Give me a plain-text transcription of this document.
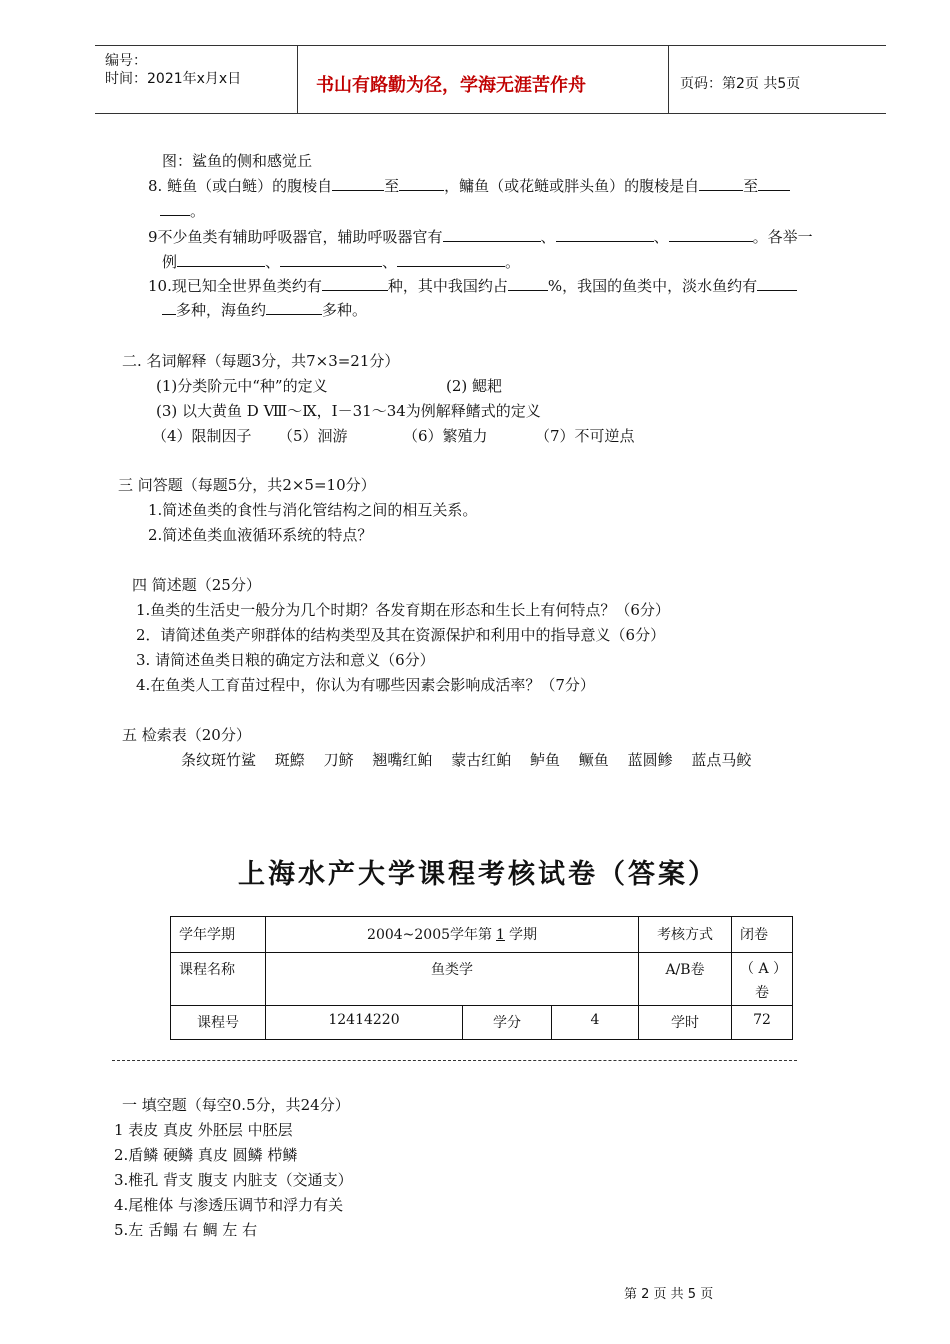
编号：
时间：2021年x月x日	书山有路勤为径，学海无涯苦作舟	页码：第2页 共5页
图：鲨鱼的侧和感觉丘
8. 鲢鱼（或白鲢）的腹棱自	至	，鳙鱼（或花鲢或胖头鱼）的腹棱是自	至
。
9不少鱼类有辅助呼吸器官，辅助呼吸器官有	、	、	。各举一
例	、	、	。
10.现已知全世界鱼类约有	种，其中我国约占	%，我国的鱼类中，淡水鱼约有
多种，海鱼约	多种。
二. 名词解释（每题3分，共7×3=21分）
(1)分类阶元中“种”的定义	(2) 鳃耙
(3) 以大黄鱼 D Ⅷ～Ⅸ，Ⅰ－31～34为例解释鳍式的定义
（4）限制因子 （5）洄游	（6）繁殖力	（7）不可逆点
三 问答题（每题5分，共2×5=10分）
1.简述鱼类的食性与消化管结构之间的相互关系。
2.简述鱼类血液循环系统的特点？
四 简述题（25分）
1.鱼类的生活史一般分为几个时期？各发育期在形态和生长上有何特点？（6分）
2．请简述鱼类产卵群体的结构类型及其在资源保护和利用中的指导意义（6分）
3. 请简述鱼类日粮的确定方法和意义（6分）
4.在鱼类人工育苗过程中，你认为有哪些因素会影响成活率？（7分）
五 检索表（20分）
条纹斑竹鲨 斑鰶 刀鲚 翘嘴红鲌 蒙古红鲌 鲈鱼 鳜鱼 蓝圆鲹 蓝点马鲛
上海水产大学课程考核试卷（答案）
学年学期	2004~2005学年第 1 学期			考核方式	闭卷
课程名称	鱼类学			A/B卷	（ A ）
卷

课程号	12414220	学分	4	学时	72
一 填空题（每空0.5分，共24分）
1 表皮 真皮 外胚层 中胚层
2.盾鳞 硬鳞 真皮 圆鳞 栉鳞
3.椎孔 背支 腹支 内脏支（交通支）
4.尾椎体 与渗透压调节和浮力有关
5.左 舌鳎 右 鲷 左 右
第 2 页 共 5 页
